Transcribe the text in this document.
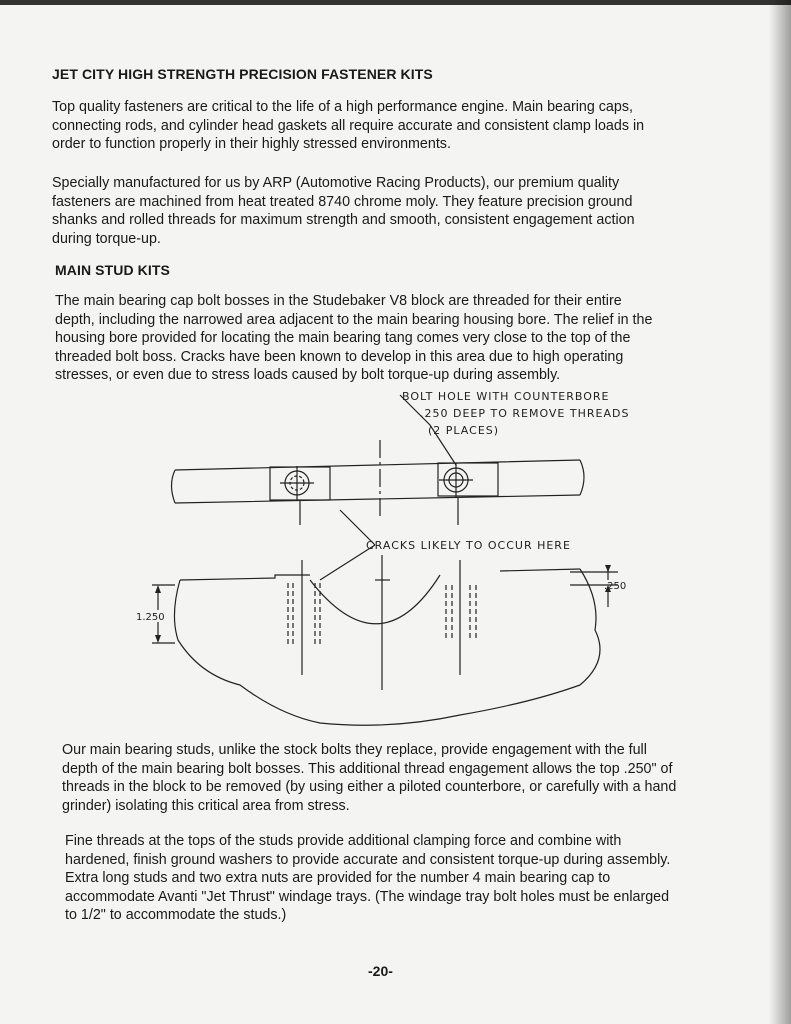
JET CITY HIGH STRENGTH PRECISION FASTENER KITS
Top quality fasteners are critical to the life of a high performance engine. Main bearing caps,
connecting rods, and cylinder head gaskets all require accurate and consistent clamp loads in
order to function properly in their highly stressed environments.
Specially manufactured for us by ARP (Automotive Racing Products), our premium quality
fasteners are machined from heat treated 8740 chrome moly. They feature precision ground
shanks and rolled threads for maximum strength and smooth, consistent engagement action
during torque-up.
MAIN STUD KITS
The main bearing cap bolt bosses in the Studebaker V8 block are threaded for their entire
depth, including the narrowed area adjacent to the main bearing housing bore. The relief in the
housing bore provided for locating the main bearing tang comes very close to the top of the
threaded bolt boss. Cracks have been known to develop in this area due to high operating
stresses, or even due to stress loads caused by bolt torque-up during assembly.
BOLT HOLE WITH COUNTERBORE
.250 DEEP TO REMOVE THREADS
(2 PLACES)
CRACKS LIKELY TO OCCUR HERE
1.250
.250
Our main bearing studs, unlike the stock bolts they replace, provide engagement with the full
depth of the main bearing bolt bosses. This additional thread engagement allows the top .250" of
threads in the block to be removed (by using either a piloted counterbore, or carefully with a hand
grinder) isolating this critical area from stress.
Fine threads at the tops of the studs provide additional clamping force and combine with
hardened, finish ground washers to provide accurate and consistent torque-up during assembly.
Extra long studs and two extra nuts are provided for the number 4 main bearing cap to
accommodate Avanti "Jet Thrust" windage trays. (The windage tray bolt holes must be enlarged
to 1/2" to accommodate the studs.)
-20-
